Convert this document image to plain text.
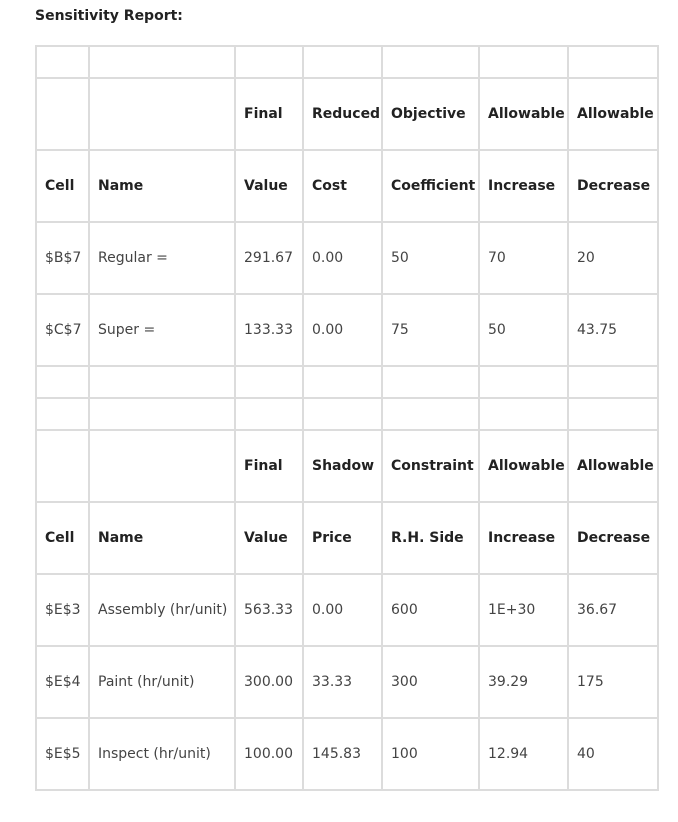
Sensitivity Report:

		Final	Reduced	Objective	Allowable	Allowable
Cell	Name	Value	Cost	Coefficient	Increase	Decrease
$B$7	Regular =	291.67	0.00	50	70	20
$C$7	Super =	133.33	0.00	75	50	43.75

		Final	Shadow	Constraint	Allowable	Allowable
Cell	Name	Value	Price	R.H. Side	Increase	Decrease
$E$3	Assembly (hr/unit)	563.33	0.00	600	1E+30	36.67
$E$4	Paint (hr/unit)	300.00	33.33	300	39.29	175
$E$5	Inspect (hr/unit)	100.00	145.83	100	12.94	40
